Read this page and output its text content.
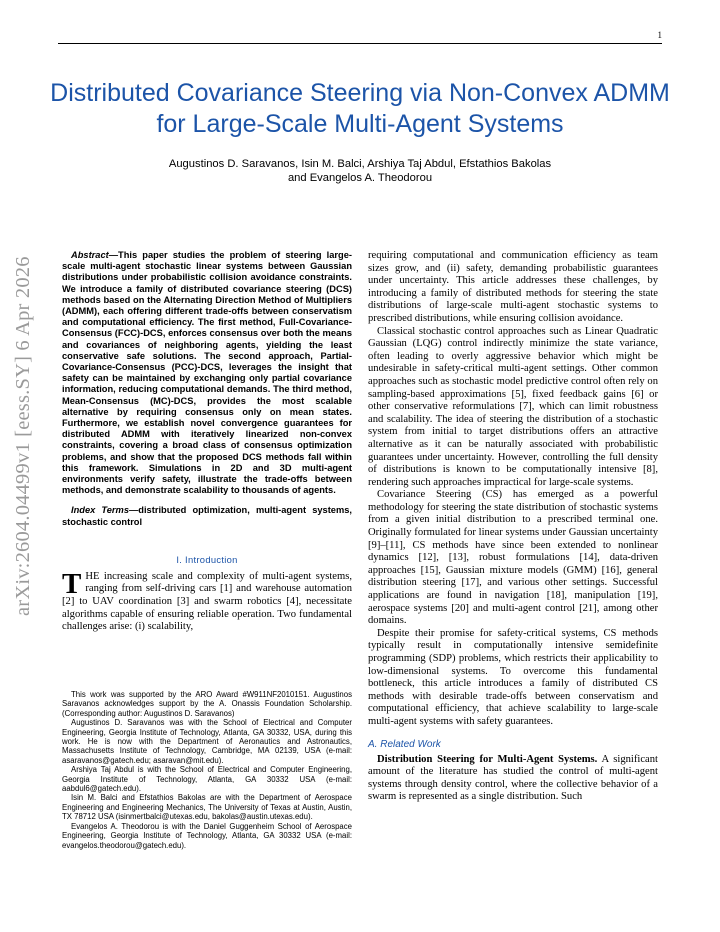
1
Distributed Covariance Steering via Non-Convex ADMM for Large-Scale Multi-Agent Systems
Augustinos D. Saravanos, Isin M. Balci, Arshiya Taj Abdul, Efstathios Bakolas
and Evangelos A. Theodorou
arXiv:2604.04499v1 [eess.SY] 6 Apr 2026

Abstract—This paper studies the problem of steering large-scale multi-agent stochastic linear systems between Gaussian distributions under probabilistic collision avoidance constraints. We introduce a family of distributed covariance steering (DCS) methods based on the Alternating Direction Method of Multipliers (ADMM), each offering different trade-offs between conservatism and computational efficiency. The first method, Full-Covariance-Consensus (FCC)-DCS, enforces consensus over both the means and covariances of neighboring agents, yielding the least conservative safe solutions. The second approach, Partial-Covariance-Consensus (PCC)-DCS, leverages the insight that safety can be maintained by exchanging only partial covariance information, reducing computational demands. The third method, Mean-Consensus (MC)-DCS, provides the most scalable alternative by requiring consensus only on mean states. Furthermore, we establish novel convergence guarantees for distributed ADMM with iteratively linearized non-convex constraints, covering a broad class of consensus optimization problems, and show that the proposed DCS methods fall within this framework. Simulations in 2D and 3D multi-agent environments verify safety, illustrate the trade-offs between methods, and demonstrate scalability to thousands of agents.

Index Terms—distributed optimization, multi-agent systems, stochastic control

I. Introduction

THE increasing scale and complexity of multi-agent systems, ranging from self-driving cars [1] and warehouse automation [2] to UAV coordination [3] and swarm robotics [4], necessitate algorithms capable of ensuring reliable operation. Two fundamental challenges arise: (i) scalability,

This work was supported by the ARO Award #W911NF2010151. Augustinos Saravanos acknowledges support by the A. Onassis Foundation Scholarship. (Corresponding author: Augustinos D. Saravanos)

Augustinos D. Saravanos was with the School of Electrical and Computer Engineering, Georgia Institute of Technology, Atlanta, GA 30332, USA, during this work. He is now with the Department of Aeronautics and Astronautics, Massachusetts Institute of Technology, Cambridge, MA 02139, USA (e-mail: asaravanos@gatech.edu; asaravan@mit.edu).

Arshiya Taj Abdul is with the School of Electrical and Computer Engineering, Georgia Institute of Technology, Atlanta, GA 30332 USA (e-mail: aabdul6@gatech.edu).

Isin M. Balci and Efstathios Bakolas are with the Department of Aerospace Engineering and Engineering Mechanics, The University of Texas at Austin, Austin, TX 78712 USA (isinmertbalci@utexas.edu, bakolas@austin.utexas.edu).

Evangelos A. Theodorou is with the Daniel Guggenheim School of Aerospace Engineering, Georgia Institute of Technology, Atlanta, GA 30332 USA (e-mail: evangelos.theodorou@gatech.edu).

requiring computational and communication efficiency as team sizes grow, and (ii) safety, demanding probabilistic guarantees under uncertainty. This article addresses these challenges, by introducing a family of distributed methods for steering the state distributions of large-scale multi-agent stochastic systems to prescribed distributions, while ensuring collision avoidance.

Classical stochastic control approaches such as Linear Quadratic Gaussian (LQG) control indirectly minimize the state variance, often leading to overly aggressive behavior which might be undesirable in safety-critical multi-agent settings. Other common approaches such as stochastic model predictive control often rely on sampling-based approximations [5], fixed feedback gains [6] or other conservative reformulations [7], which can limit robustness and scalability. The idea of steering the distribution of a stochastic system from initial to target distributions offers an attractive alternative as it can be naturally associated with probabilistic guarantees under uncertainty. However, controlling the full density of distributions is known to be computationally intensive [8], rendering such approaches impractical for large-scale systems.

Covariance Steering (CS) has emerged as a powerful methodology for steering the state distribution of stochastic systems from a given initial distribution to a prescribed terminal one. Originally formulated for linear systems under Gaussian uncertainty [9]–[11], CS methods have since been extended to nonlinear dynamics [12], [13], robust formulations [14], data-driven approaches [15], Gaussian mixture models (GMM) [16], general distribution steering [17], and various other settings. Successful applications are found in navigation [18], manipulation [19], aerospace systems [20] and multi-agent control [21], among other domains.

Despite their promise for safety-critical systems, CS methods typically result in computationally intensive semidefinite programming (SDP) problems, which restricts their applicability to low-dimensional systems. To overcome this fundamental bottleneck, this article introduces a family of distributed CS methods with desirable trade-offs between conservatism and computational efficiency, that achieve scalability to large-scale multi-agent systems with safety guarantees.

A. Related Work

Distribution Steering for Multi-Agent Systems. A significant amount of the literature has studied the control of multi-agent systems through density control, where the collective behavior of a swarm is represented as a single distribution. Such
